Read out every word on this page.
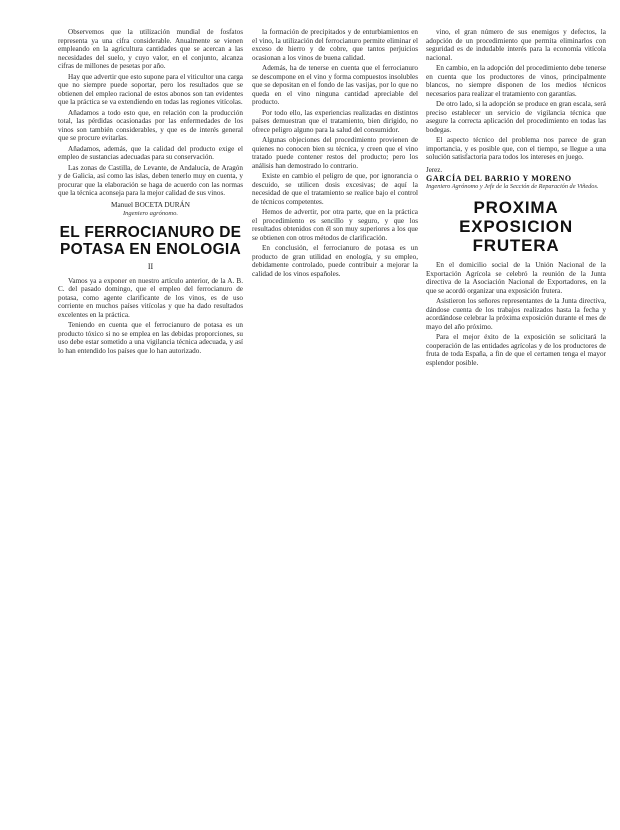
Observemos que la utilización mundial de fosfatos representa ya una cifra considerable. Anualmente se vienen empleando en la agricultura cantidades que se acercan a las necesidades del suelo, y cuyo valor, en el conjunto, alcanza cifras de millones de pesetas por año.

Hay que advertir que esto supone para el viticultor una carga que no siempre puede soportar, pero los resultados que se obtienen del empleo racional de estos abonos son tan evidentes que la práctica se va extendiendo en todas las regiones vitícolas.

Añadamos a todo esto que, en relación con la producción total, las pérdidas ocasionadas por las enfermedades de los vinos son también considerables, y que es de interés general que se procure evitarlas.

Añadamos, además, que la calidad del producto exige el empleo de sustancias adecuadas para su conservación.

Las zonas de Castilla, de Levante, de Andalucía, de Aragón y de Galicia, así como las islas, deben tenerlo muy en cuenta, y procurar que la elaboración se haga de acuerdo con las normas que la técnica aconseja para la mejor calidad de sus vinos.

Manuel BOCETA DURÁN

Ingeniero agrónomo.

EL FERROCIANURO DE POTASA EN ENOLOGIA
II

Vamos ya a exponer en nuestro artículo anterior, de la A. B. C. del pasado domingo, que el empleo del ferrocianuro de potasa, como agente clarificante de los vinos, es de uso corriente en muchos países vitícolas y que ha dado resultados excelentes en la práctica.

Teniendo en cuenta que el ferrocianuro de potasa es un producto tóxico si no se emplea en las debidas proporciones, su uso debe estar sometido a una vigilancia técnica adecuada, y así lo han entendido los países que lo han autorizado.

la formación de precipitados y de enturbiamientos en el vino, la utilización del ferrocianuro permite eliminar el exceso de hierro y de cobre, que tantos perjuicios ocasionan a los vinos de buena calidad.

Además, ha de tenerse en cuenta que el ferrocianuro se descompone en el vino y forma compuestos insolubles que se depositan en el fondo de las vasijas, por lo que no queda en el vino ninguna cantidad apreciable del producto.

Por todo ello, las experiencias realizadas en distintos países demuestran que el tratamiento, bien dirigido, no ofrece peligro alguno para la salud del consumidor.

Algunas objeciones del procedimiento provienen de quienes no conocen bien su técnica, y creen que el vino tratado puede contener restos del producto; pero los análisis han demostrado lo contrario.

Existe en cambio el peligro de que, por ignorancia o descuido, se utilicen dosis excesivas; de aquí la necesidad de que el tratamiento se realice bajo el control de técnicos competentes.

Hemos de advertir, por otra parte, que en la práctica el procedimiento es sencillo y seguro, y que los resultados obtenidos con él son muy superiores a los que se obtienen con otros métodos de clarificación.

En conclusión, el ferrocianuro de potasa es un producto de gran utilidad en enología, y su empleo, debidamente controlado, puede contribuir a mejorar la calidad de los vinos españoles.

vino, el gran número de sus enemigos y defectos, la adopción de un procedimiento que permita eliminarlos con seguridad es de indudable interés para la economía vitícola nacional.

En cambio, en la adopción del procedimiento debe tenerse en cuenta que los productores de vinos, principalmente blancos, no siempre disponen de los medios técnicos necesarios para realizar el tratamiento con garantías.

De otro lado, si la adopción se produce en gran escala, será preciso establecer un servicio de vigilancia técnica que asegure la correcta aplicación del procedimiento en todas las bodegas.

El aspecto técnico del problema nos parece de gran importancia, y es posible que, con el tiempo, se llegue a una solución satisfactoria para todos los intereses en juego.

Jerez.

GARCÍA DEL BARRIO Y MORENO

Ingeniero Agrónomo y Jefe de la Sección de Reparación de Viñedos.

PROXIMA EXPOSICION FRUTERA

En el domicilio social de la Unión Nacional de la Exportación Agrícola se celebró la reunión de la Junta directiva de la Asociación Nacional de Exportadores, en la que se acordó organizar una exposición frutera.

Asistieron los señores representantes de la Junta directiva, dándose cuenta de los trabajos realizados hasta la fecha y acordándose celebrar la próxima exposición durante el mes de mayo del año próximo.

Para el mejor éxito de la exposición se solicitará la cooperación de las entidades agrícolas y de los productores de fruta de toda España, a fin de que el certamen tenga el mayor esplendor posible.
